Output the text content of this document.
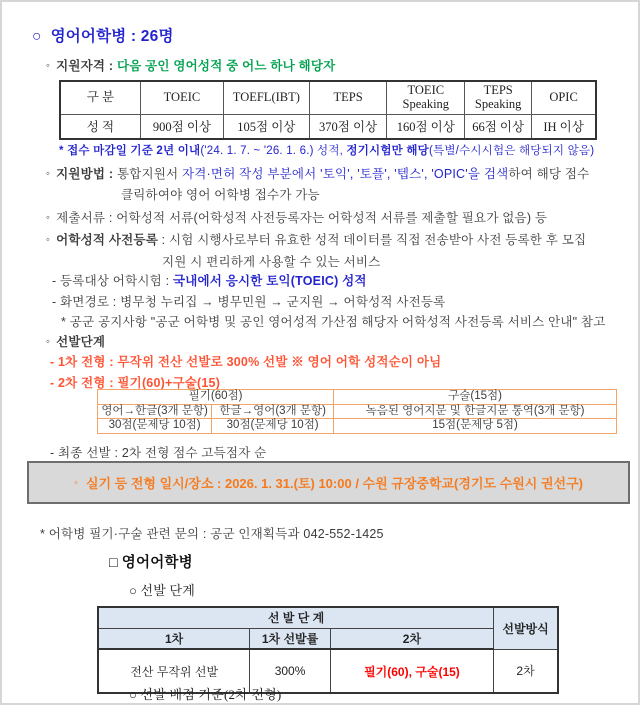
○ 영어어학병 : 26명
◦ 지원자격 : 다음 공인 영어성적 중 어느 하나 해당자
구 분	TOEIC	TOEFL(IBT)	TEPS	TOEIC Speaking	TEPS Speaking	OPIC
성 적	900점 이상	105점 이상	370점 이상	160점 이상	66점 이상	IH 이상
* 접수 마감일 기준 2년 이내('24. 1. 7. ~ '26. 1. 6.) 성적, 정기시험만 해당(특별/수시시험은 해당되지 않음)
◦ 지원방법 : 통합지원서 자격·면허 작성 부분에서 '토익', '토플', '텝스', 'OPIC'을 검색하여 해당 점수
클릭하여야 영어 어학병 접수가 가능
◦ 제출서류 : 어학성적 서류(어학성적 사전등록자는 어학성적 서류를 제출할 필요가 없음) 등
◦ 어학성적 사전등록 : 시험 시행사로부터 유효한 성적 데이터를 직접 전송받아 사전 등록한 후 모집
지원 시 편리하게 사용할 수 있는 서비스
- 등록대상 어학시험 : 국내에서 응시한 토익(TOEIC) 성적
- 화면경로 : 병무청 누리집 → 병무민원 → 군지원 → 어학성적 사전등록
* 공군 공지사항 "공군 어학병 및 공인 영어성적 가산점 해당자 어학성적 사전등록 서비스 안내" 참고
◦ 선발단계
- 1차 전형 : 무작위 전산 선발로 300% 선발 ※ 영어 어학 성적순이 아님
- 2차 전형 : 필기(60)+구술(15)
필기(60점)		구술(15점)
영어→한글(3개 문항)	한글→영어(3개 문항)	녹음된 영어지문 및 한글지문 통역(3개 문항)
30점(문제당 10점)	30점(문제당 10점)	15점(문제당 5점)
- 최종 선발 : 2차 전형 점수 고득점자 순
◦ 실기 등 전형 일시/장소 : 2026. 1. 31.(토) 10:00 / 수원 규장중학교(경기도 수원시 권선구)
* 어학병 필기·구술 관련 문의 : 공군 인재획득과 042-552-1425
□ 영어어학병
○ 선발 단계
선 발 단 계			선발방식
1차	1차 선발률	2차	
전산 무작위 선발	300%	필기(60), 구술(15)	2차
○ 선발 배점 기준(2차 전형)
